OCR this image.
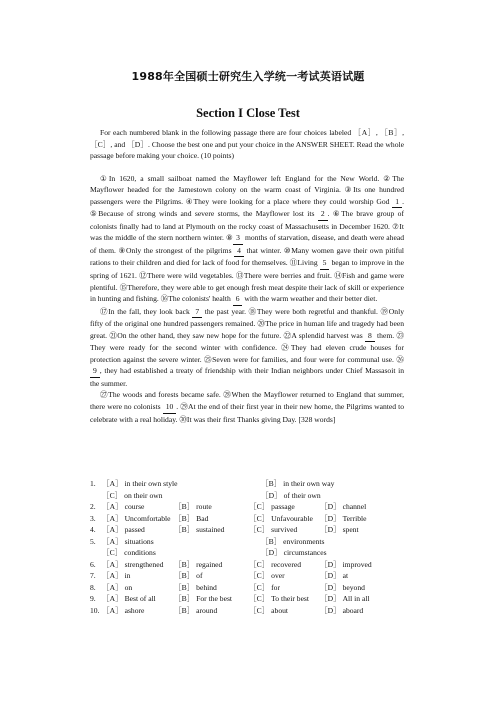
1988年全国硕士研究生入学统一考试英语试题
Section I Close Test

For each numbered blank in the following passage there are four choices labeled ［A］, ［B］, ［C］, and ［D］. Choose the best one and put your choice in the ANSWER SHEET. Read the whole passage before making your choice. (10 points)

①In 1620, a small sailboat named the Mayflower left England for the New World. ②The Mayflower headed for the Jamestown colony on the warm coast of Virginia. ③Its one hundred passengers were the Pilgrims. ④They were looking for a place where they could worship God 1 . ⑤Because of strong winds and severe storms, the Mayflower lost its 2 . ⑥The brave group of colonists finally had to land at Plymouth on the rocky coast of Massachusetts in December 1620. ⑦It was the middle of the stern northern winter. ⑧ 3 months of starvation, disease, and death were ahead of them. ⑨Only the strongest of the pilgrims 4 that winter. ⑩Many women gave their own pitiful rations to their children and died for lack of food for themselves. ⑪Living 5 began to improve in the spring of 1621. ⑫There were wild vegetables. ⑬There were berries and fruit. ⑭Fish and game were plentiful. ⑮Therefore, they were able to get enough fresh meat despite their lack of skill or experience in hunting and fishing. ⑯The colonists' health 6 with the warm weather and their better diet.

⑰In the fall, they look back 7 the past year. ⑱They were both regretful and thankful. ⑲Only fifty of the original one hundred passengers remained. ⑳The price in human life and tragedy had been great. ㉑On the other hand, they saw new hope for the future. ㉒A splendid harvest was 8 them. ㉓They were ready for the second winter with confidence. ㉔They had eleven crude houses for protection against the severe winter. ㉕Seven were for families, and four were for communal use. ㉖9 , they had established a treaty of friendship with their Indian neighbors under Chief Massasoit in the summer.

㉗The woods and forests became safe. ㉘When the Mayflower returned to England that summer, there were no colonists 10 . ㉙At the end of their first year in their new home, the Pilgrims wanted to celebrate with a real holiday. ㉚It was their first Thanks giving Day. [328 words]

1. ［A］ in their own style	［B］ in their own way
［C］ on their own	［D］ of their own
2. ［A］ course	［B］ route	［C］ passage	［D］ channel
3. ［A］ Uncomfortable ［B］ Bad	［C］ Unfavourable ［D］ Terrible
4. ［A］ passed	［B］ sustained	［C］ survived	［D］ spent
5. ［A］ situations	［B］ environments
［C］ conditions	［D］ circumstances
6. ［A］ strengthened	［B］ regained	［C］ recovered	［D］ improved
7. ［A］ in	［B］ of	［C］ over	［D］ at
8. ［A］ on	［B］ behind	［C］ for	［D］ beyond
9. ［A］ Best of all	［B］ For the best	［C］ To their best	［D］ All in all
10. ［A］ ashore	［B］ around	［C］ about	［D］ aboard
